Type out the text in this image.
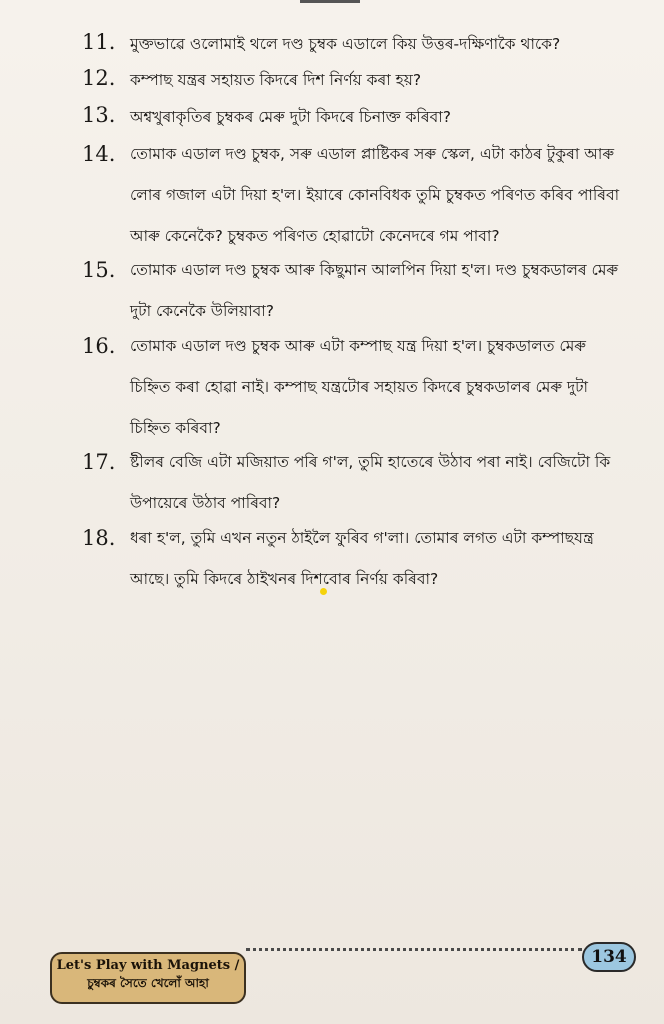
11. মুক্তভাৱে ওলোমাই থলে দণ্ড চুম্বক এডালে কিয় উত্তৰ-দক্ষিণাকৈ থাকে?
12. কম্পাছ যন্ত্ৰৰ সহায়ত কিদৰে দিশ নিৰ্ণয় কৰা হয়?
13. অশ্বখুৰাকৃতিৰ চুম্বকৰ মেৰু দুটা কিদৰে চিনাক্ত কৰিবা?
14. তোমাক এডাল দণ্ড চুম্বক, সৰু এডাল প্লাষ্টিকৰ সৰু স্কেল, এটা কাঠৰ টুকুৰা আৰু লোৰ গজাল এটা দিয়া হ'ল। ইয়াৰে কোনবিধক তুমি চুম্বকত পৰিণত কৰিব পাৰিবা আৰু কেনেকৈ? চুম্বকত পৰিণত হোৱাটো কেনেদৰে গম পাবা?
15. তোমাক এডাল দণ্ড চুম্বক আৰু কিছুমান আলপিন দিয়া হ'ল। দণ্ড চুম্বকডালৰ মেৰু দুটা কেনেকৈ উলিয়াবা?
16. তোমাক এডাল দণ্ড চুম্বক আৰু এটা কম্পাছ যন্ত্ৰ দিয়া হ'ল। চুম্বকডালত মেৰু চিহ্নিত কৰা হোৱা নাই। কম্পাছ যন্ত্ৰটোৰ সহায়ত কিদৰে চুম্বকডালৰ মেৰু দুটা চিহ্নিত কৰিবা?
17. ষ্টীলৰ বেজি এটা মজিয়াত পৰি গ'ল, তুমি হাতেৰে উঠাব পৰা নাই। বেজিটো কি উপায়েৰে উঠাব পাৰিবা?
18. ধৰা হ'ল, তুমি এখন নতুন ঠাইলৈ ফুৰিব গ'লা। তোমাৰ লগত এটা কম্পাছযন্ত্ৰ আছে। তুমি কিদৰে ঠাইখনৰ দিশবোৰ নিৰ্ণয় কৰিবা?
Let's Play with Magnets /
চুম্বকৰ সৈতে খেলোঁ আহা
134
